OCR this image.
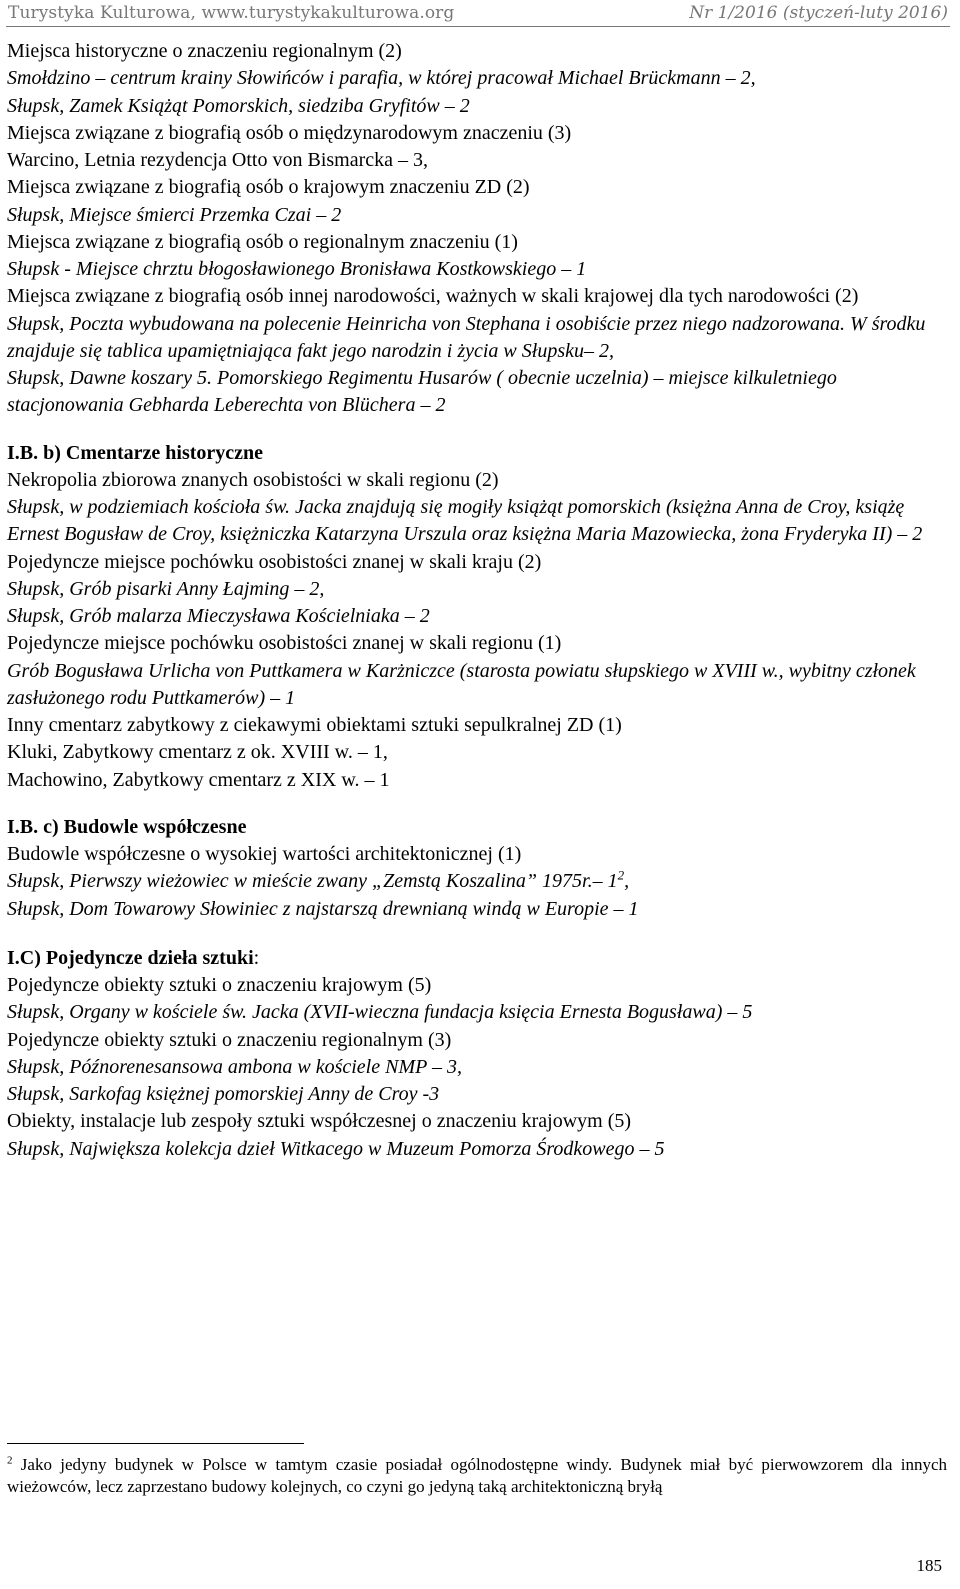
Turystyka Kulturowa, www.turystykakulturowa.org	Nr 1/2016 (styczeń-luty 2016)

Miejsca historyczne o znaczeniu regionalnym (2)

Smołdzino – centrum krainy Słowińców i parafia, w której pracował Michael Brückmann – 2,

Słupsk, Zamek Książąt Pomorskich, siedziba Gryfitów – 2

Miejsca związane z biografią osób o międzynarodowym znaczeniu (3)

Warcino, Letnia rezydencja Otto von Bismarcka – 3,

Miejsca związane z biografią osób o krajowym znaczeniu ZD (2)

Słupsk, Miejsce śmierci Przemka Czai – 2

Miejsca związane z biografią osób o regionalnym znaczeniu (1)

Słupsk - Miejsce chrztu błogosławionego Bronisława Kostkowskiego – 1

Miejsca związane z biografią osób innej narodowości, ważnych w skali krajowej dla tych narodowości (2)

Słupsk, Poczta wybudowana na polecenie Heinricha von Stephana i osobiście przez niego nadzorowana. W środku znajduje się tablica upamiętniająca fakt jego narodzin i życia w Słupsku– 2,

Słupsk, Dawne koszary 5. Pomorskiego Regimentu Husarów ( obecnie uczelnia) – miejsce kilkuletniego stacjonowania Gebharda Leberechta von Blüchera – 2

I.B. b) Cmentarze historyczne

Nekropolia zbiorowa znanych osobistości w skali regionu (2)

Słupsk, w podziemiach kościoła św. Jacka znajdują się mogiły książąt pomorskich (księżna Anna de Croy, książę Ernest Bogusław de Croy, księżniczka Katarzyna Urszula oraz księżna Maria Mazowiecka, żona Fryderyka II) – 2

Pojedyncze miejsce pochówku osobistości znanej w skali kraju (2)

Słupsk, Grób pisarki Anny Łajming – 2,

Słupsk, Grób malarza Mieczysława Kościelniaka – 2

Pojedyncze miejsce pochówku osobistości znanej w skali regionu (1)

Grób Bogusława Urlicha von Puttkamera w Karżniczce (starosta powiatu słupskiego w XVIII w., wybitny członek zasłużonego rodu Puttkamerów) – 1

Inny cmentarz zabytkowy z ciekawymi obiektami sztuki sepulkralnej ZD (1)

Kluki, Zabytkowy cmentarz z ok. XVIII w. – 1,

Machowino, Zabytkowy cmentarz z XIX w. – 1

I.B. c) Budowle współczesne

Budowle współczesne o wysokiej wartości architektonicznej (1)

Słupsk, Pierwszy wieżowiec w mieście zwany „Zemstą Koszalina” 1975r.– $1^2$,

Słupsk, Dom Towarowy Słowiniec z najstarszą drewnianą windą w Europie – 1

I.C) Pojedyncze dzieła sztuki:

Pojedyncze obiekty sztuki o znaczeniu krajowym (5)

Słupsk, Organy w kościele św. Jacka (XVII-wieczna fundacja księcia Ernesta Bogusława) – 5

Pojedyncze obiekty sztuki o znaczeniu regionalnym (3)

Słupsk, Późnorenesansowa ambona w kościele NMP – 3,

Słupsk, Sarkofag księżnej pomorskiej Anny de Croy -3

Obiekty, instalacje lub zespoły sztuki współczesnej o znaczeniu krajowym (5)

Słupsk, Największa kolekcja dzieł Witkacego w Muzeum Pomorza Środkowego – 5

$^2$ Jako jedyny budynek w Polsce w tamtym czasie posiadał ogólnodostępne windy. Budynek miał być pierwowzorem dla innych wieżowców, lecz zaprzestano budowy kolejnych, co czyni go jedyną taką architektoniczną bryłą
185
